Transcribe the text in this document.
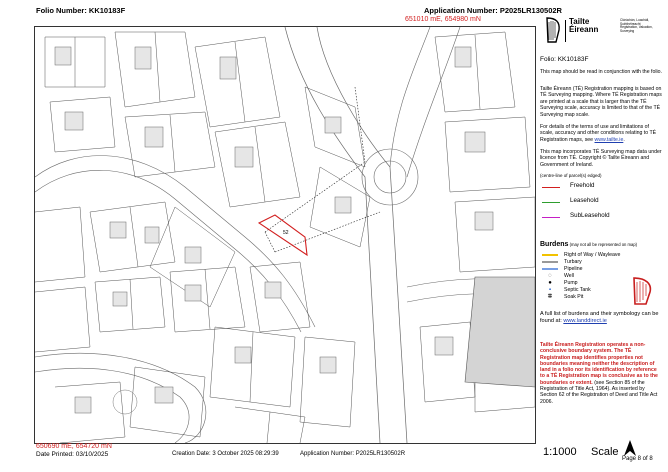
Folio Number: KK10183F	Application Number: P2025LR130502R
651010 mE, 654980 mN
52
650690 mE, 654720 mN
Tailte
Éireann
Clárúchán, Luacháil,
Suirbhéireacht
Registration, Valuation,
Surveying
Folio: KK10183F
This map should be read in conjunction with the folio.
Tailte Éireann (TÉ) Registration mapping is based on TÉ Surveying mapping. Where TÉ Registration maps are printed at a scale that is larger than the TÉ Surveying scale, accuracy is limited to that of the TÉ Surveying map scale.
For details of the terms of use and limitations of scale, accuracy and other conditions relating to TÉ Registration maps, see www.tailte.ie.
This map incorporates TÉ Surveying map data under licence from TÉ. Copyright © Tailte Éireann and Government of Ireland.
(centre-line of parcel(s) edged)
Freehold
Leasehold
SubLeasehold
Burdens (may not all be represented on map)
Right of Way / Wayleave
Turbary
Pipeline
◌	Well
●	Pump
▪	Septic Tank
ⵌ	Soak Pit
A full list of burdens and their symbology can be found at: www.landdirect.ie
Tailte Éireann Registration operates a non-conclusive boundary system. The TÉ Registration map identifies properties not boundaries meaning neither the description of land in a folio nor its identification by reference to a TÉ Registration map is conclusive as to the boundaries or extent. (see Section 85 of the Registration of Title Act, 1964). As inserted by Section 62 of the Registration of Deed and Title Act 2006.
Date Printed: 03/10/2025	Creation Date: 3 October 2025 08:29:39	Application Number: P2025LR130502R	1:1000 Scale
Page 8 of 8
